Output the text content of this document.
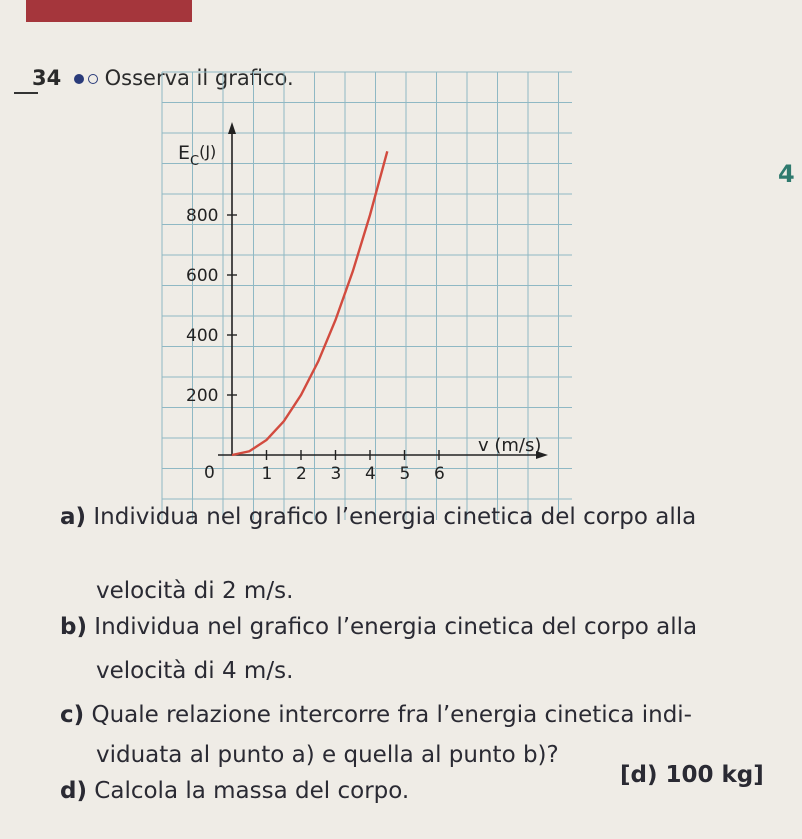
34 Osserva il grafico.
4
1 2 3 4 5 6
200
400
600
800
$E_C^{(J)}$
v (m/s)
0
a) Individua nel grafico l’energia cinetica del corpo alla
velocità di 2 m/s.
b) Individua nel grafico l’energia cinetica del corpo alla
velocità di 4 m/s.
c) Quale relazione intercorre fra l’energia cinetica indi-
viduata al punto a) e quella al punto b)?
d) Calcola la massa del corpo.
[d) 100 kg]
